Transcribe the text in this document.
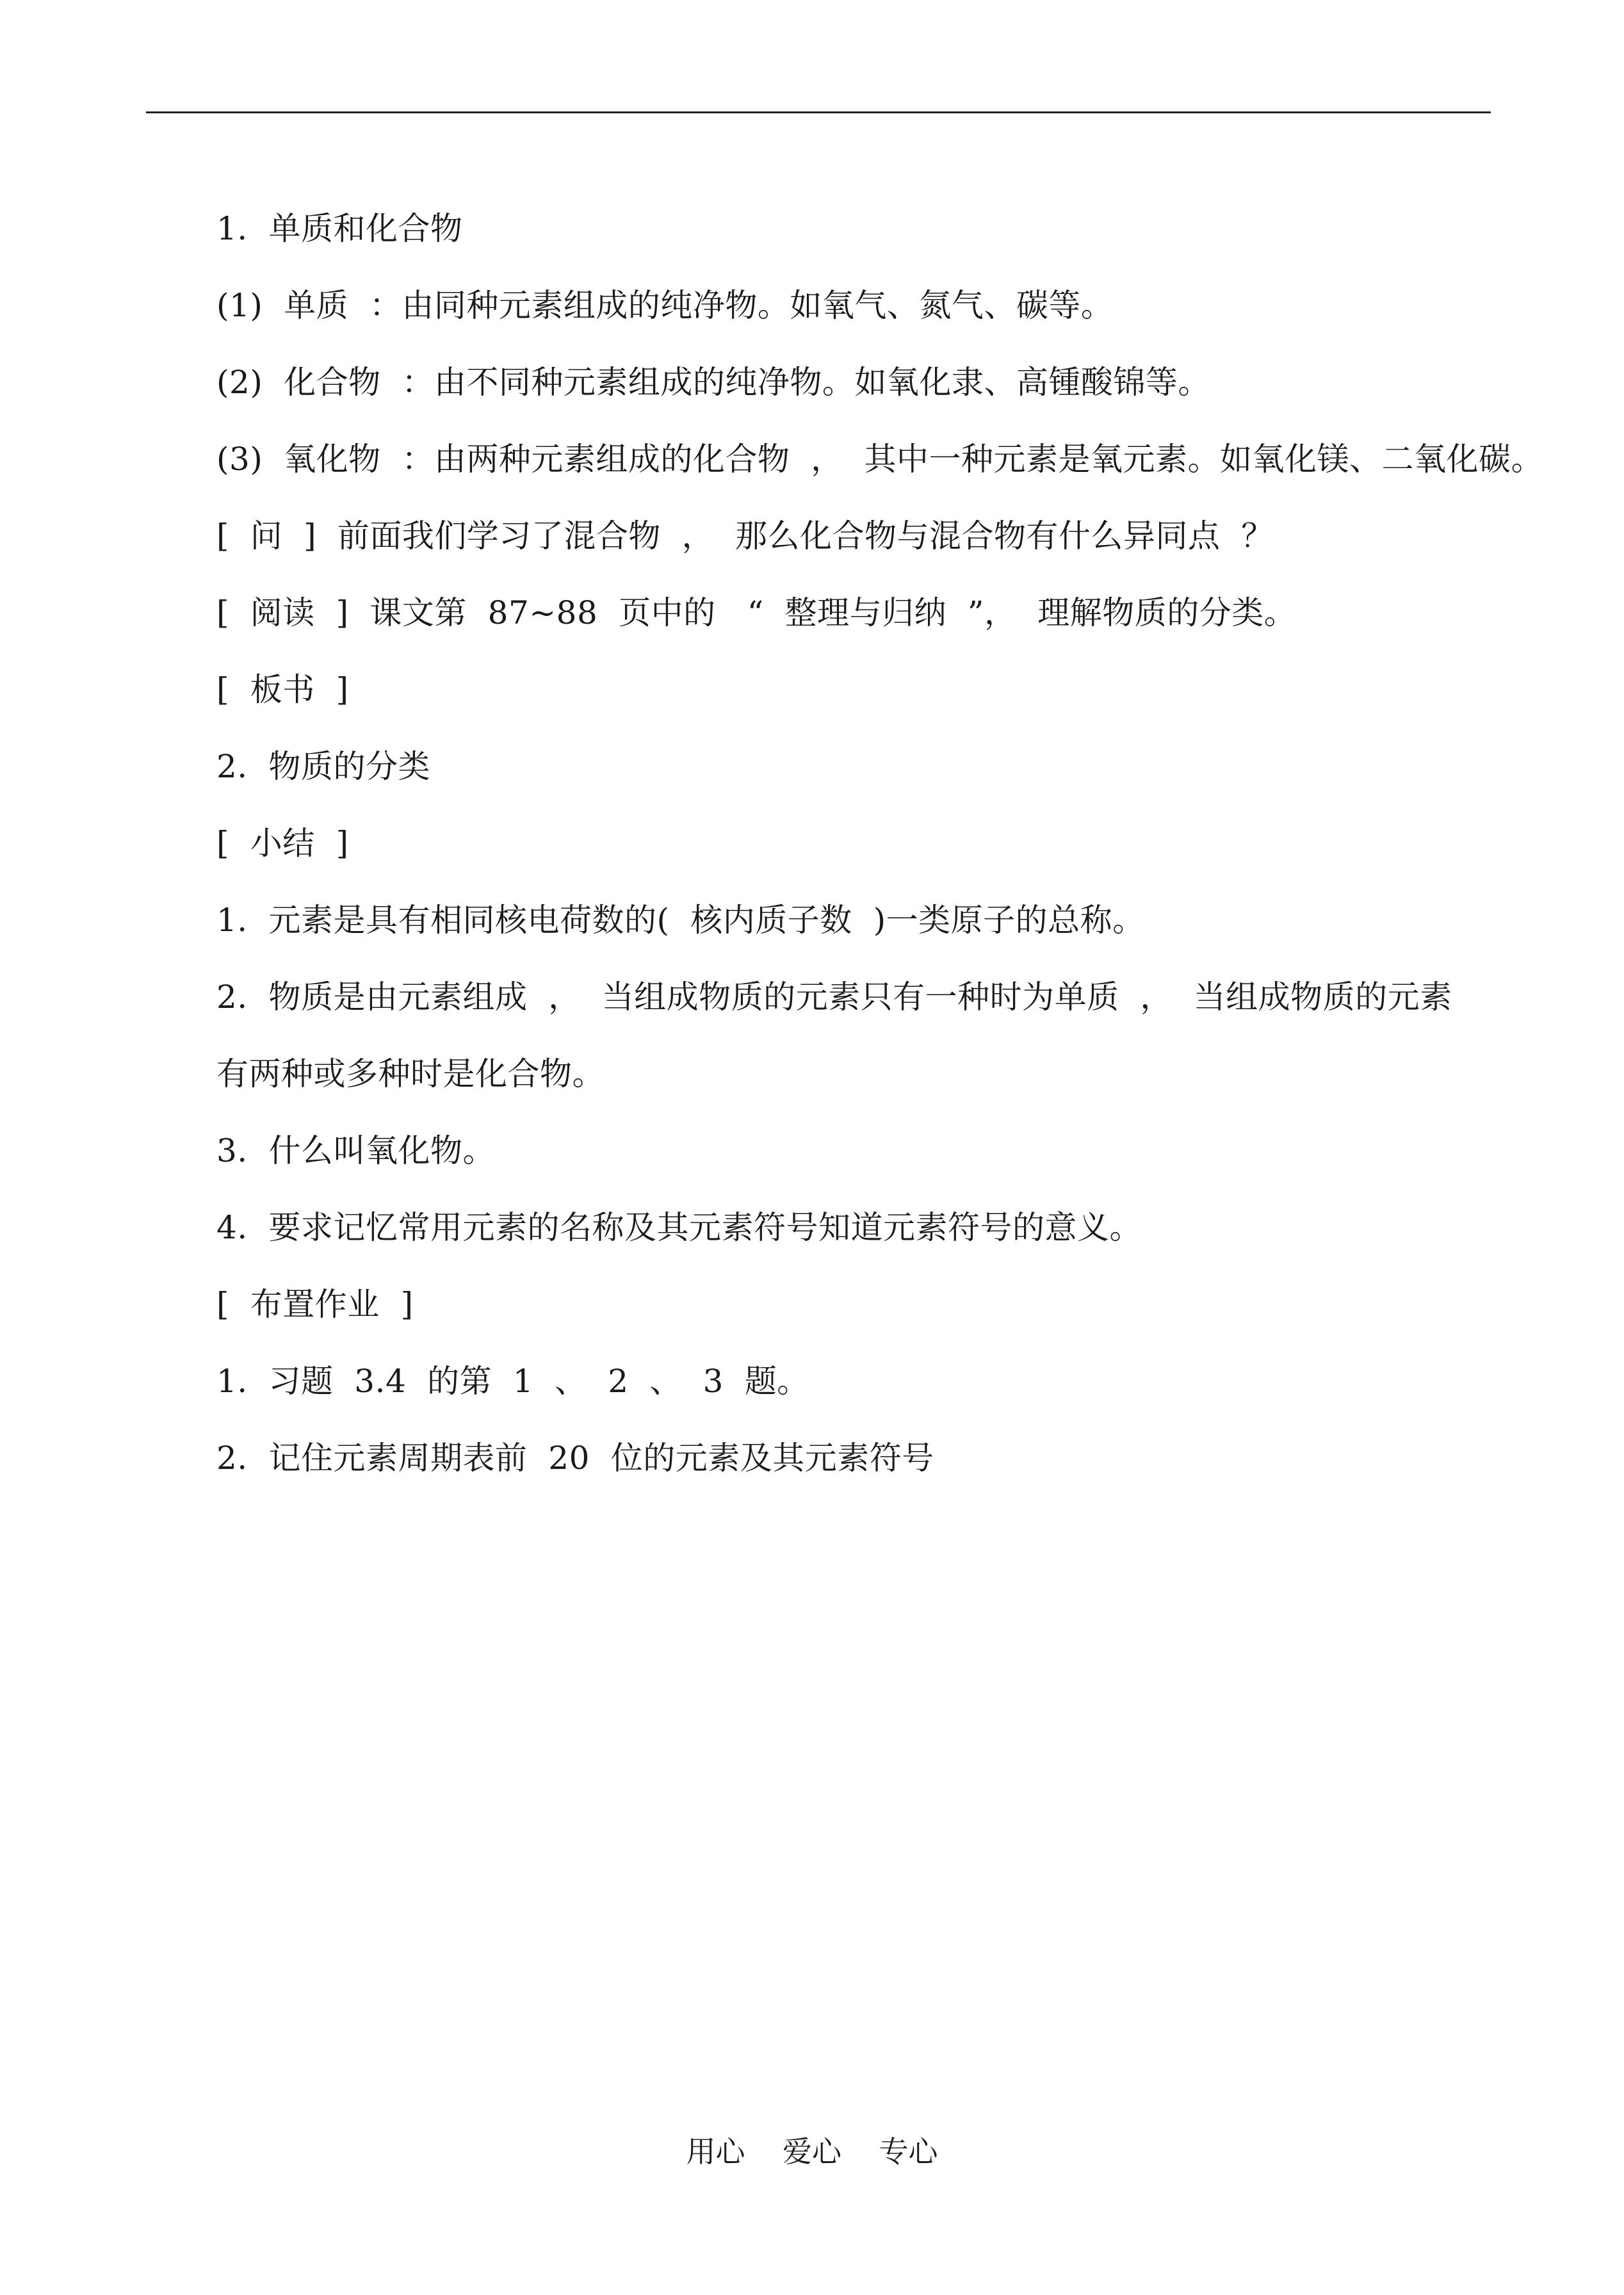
1.  单质和化合物
(1)  单质  ：由同种元素组成的纯净物。如氧气、氮气、碳等。
(2)  化合物  ：由不同种元素组成的纯净物。如氧化隶、高锺酸锦等。
(3)  氧化物  ：由两种元素组成的化合物  ，  其中一种元素是氧元素。如氧化镁、二氧化碳。
[  问  ]  前面我们学习了混合物  ，  那么化合物与混合物有什么异同点  ？
[  阅读  ]  课文第  87~88  页中的   “  整理与归纳  ”，  理解物质的分类。
[  板书  ]
2.  物质的分类
[  小结  ]
1.  元素是具有相同核电荷数的(  核内质子数  )一类原子的总称。
2.  物质是由元素组成  ，  当组成物质的元素只有一种时为单质  ，  当组成物质的元素
有两种或多种时是化合物。
3.  什么叫氧化物。
4.  要求记忆常用元素的名称及其元素符号知道元素符号的意义。
[  布置作业  ]
1.  习题  3.4  的第  1  、  2  、  3  题。
2.  记住元素周期表前  20  位的元素及其元素符号
用心    爱心    专心
